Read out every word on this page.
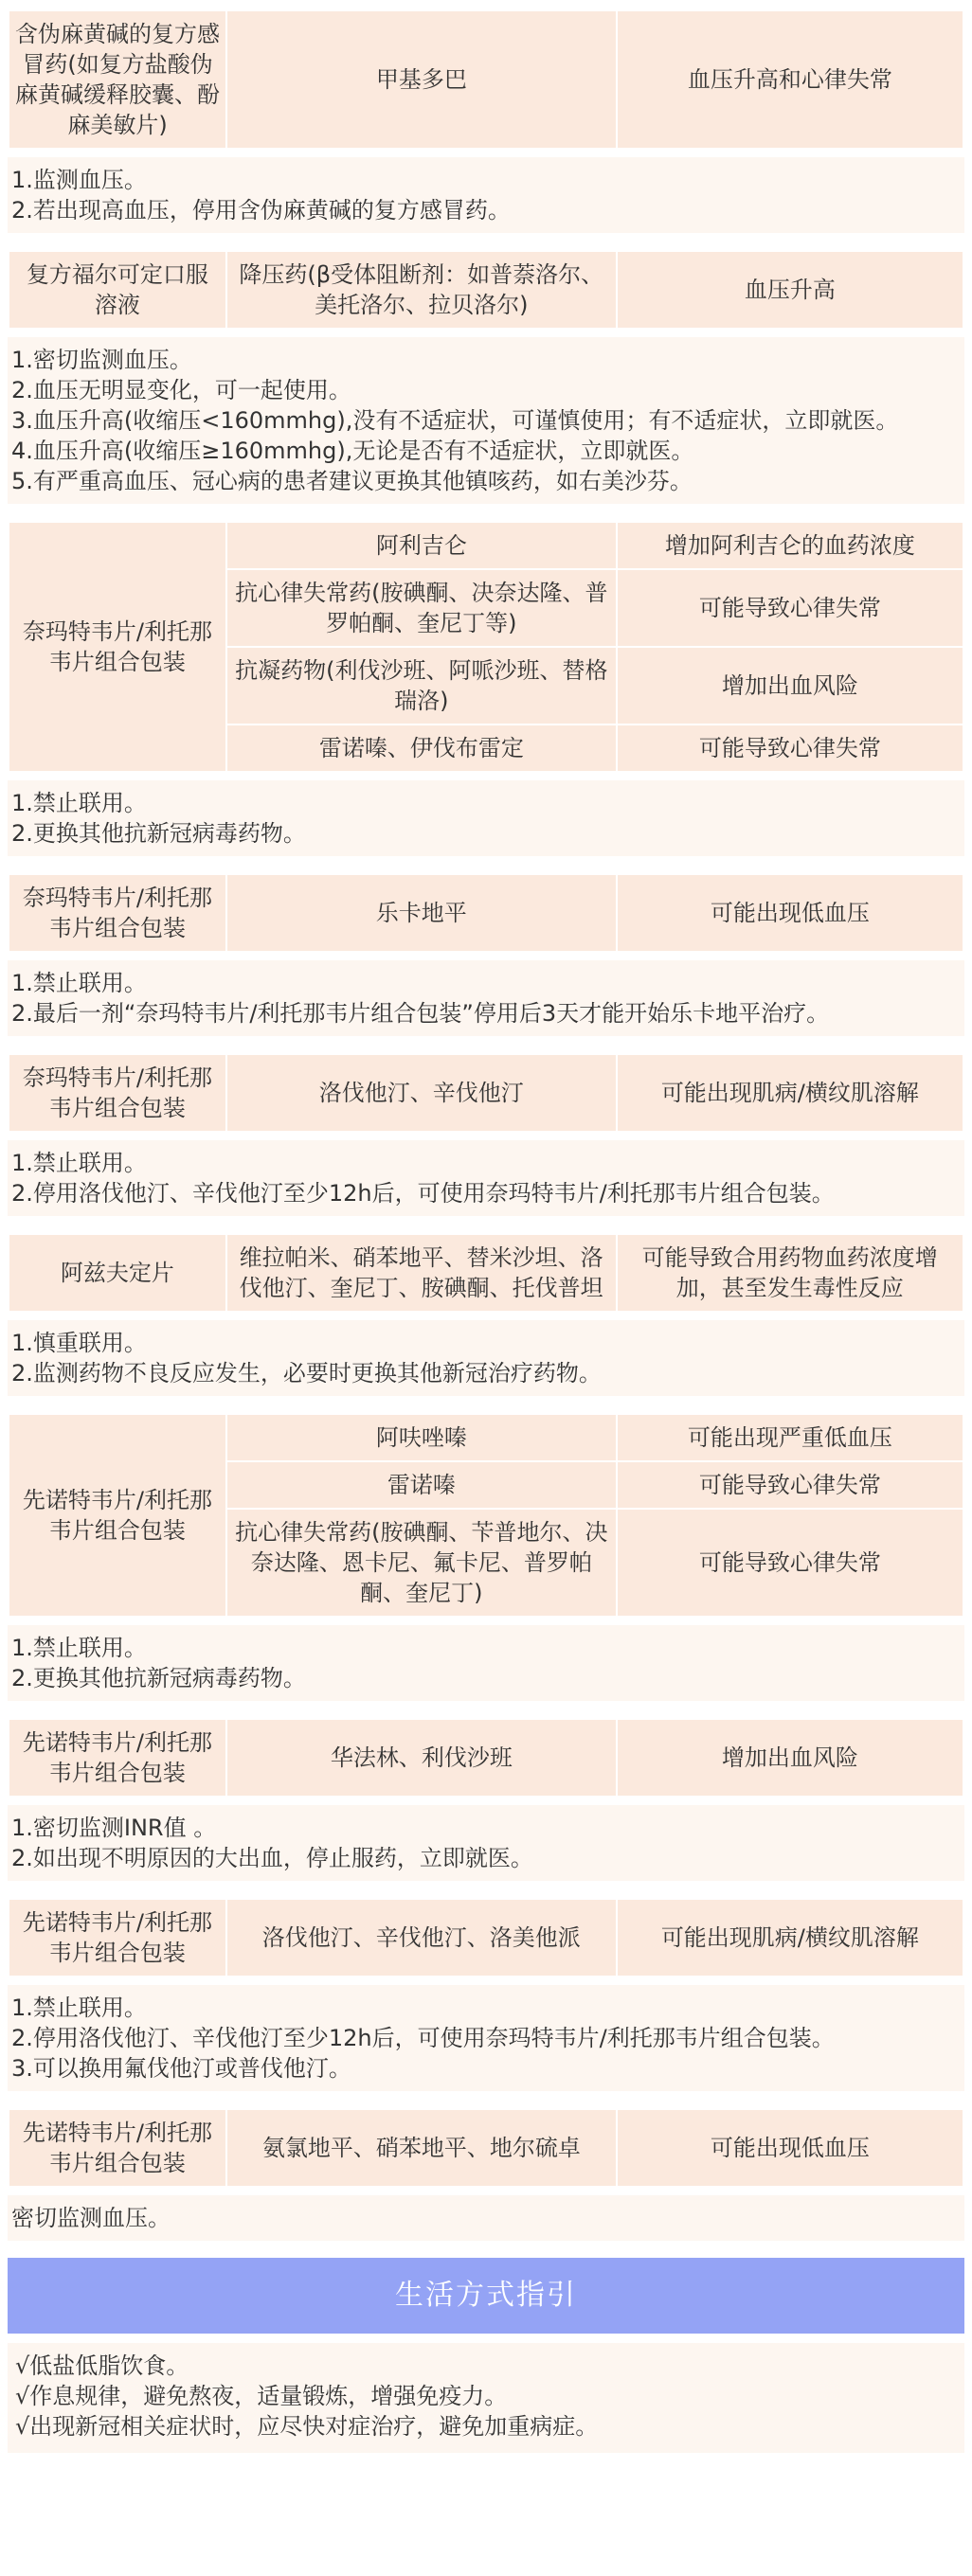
含伪麻黄碱的复方感冒药(如复方盐酸伪麻黄碱缓释胶囊、酚麻美敏片)	甲基多巴	血压升高和心律失常
1.监测血压。
2.若出现高血压，停用含伪麻黄碱的复方感冒药。
复方福尔可定口服溶液	降压药(β受体阻断剂：如普萘洛尔、美托洛尔、拉贝洛尔)	血压升高
1.密切监测血压。
2.血压无明显变化，可一起使用。
3.血压升高(收缩压<160mmhg),没有不适症状，可谨慎使用；有不适症状，立即就医。
4.血压升高(收缩压≥160mmhg),无论是否有不适症状，立即就医。
5.有严重高血压、冠心病的患者建议更换其他镇咳药，如右美沙芬。
奈玛特韦片/利托那韦片组合包装	阿利吉仑	增加阿利吉仑的血药浓度
	抗心律失常药(胺碘酮、决奈达隆、普罗帕酮、奎尼丁等)	可能导致心律失常
	抗凝药物(利伐沙班、阿哌沙班、替格瑞洛)	增加出血风险
	雷诺嗪、伊伐布雷定	可能导致心律失常
1.禁止联用。
2.更换其他抗新冠病毒药物。
奈玛特韦片/利托那韦片组合包装	乐卡地平	可能出现低血压
1.禁止联用。
2.最后一剂“奈玛特韦片/利托那韦片组合包装”停用后3天才能开始乐卡地平治疗。
奈玛特韦片/利托那韦片组合包装	洛伐他汀、辛伐他汀	可能出现肌病/横纹肌溶解
1.禁止联用。
2.停用洛伐他汀、辛伐他汀至少12h后，可使用奈玛特韦片/利托那韦片组合包装。
阿兹夫定片	维拉帕米、硝苯地平、替米沙坦、洛伐他汀、奎尼丁、胺碘酮、托伐普坦	可能导致合用药物血药浓度增加，甚至发生毒性反应
1.慎重联用。
2.监测药物不良反应发生，必要时更换其他新冠治疗药物。
先诺特韦片/利托那韦片组合包装	阿呋唑嗪	可能出现严重低血压
	雷诺嗪	可能导致心律失常
	抗心律失常药(胺碘酮、苄普地尔、决奈达隆、恩卡尼、氟卡尼、普罗帕酮、奎尼丁)	可能导致心律失常
1.禁止联用。
2.更换其他抗新冠病毒药物。
先诺特韦片/利托那韦片组合包装	华法林、利伐沙班	增加出血风险
1.密切监测INR值 。
2.如出现不明原因的大出血，停止服药，立即就医。
先诺特韦片/利托那韦片组合包装	洛伐他汀、辛伐他汀、洛美他派	可能出现肌病/横纹肌溶解
1.禁止联用。
2.停用洛伐他汀、辛伐他汀至少12h后，可使用奈玛特韦片/利托那韦片组合包装。
3.可以换用氟伐他汀或普伐他汀。
先诺特韦片/利托那韦片组合包装	氨氯地平、硝苯地平、地尔硫卓	可能出现低血压
密切监测血压。
生活方式指引
√低盐低脂饮食。
√作息规律，避免熬夜，适量锻炼，增强免疫力。
√出现新冠相关症状时，应尽快对症治疗，避免加重病症。
